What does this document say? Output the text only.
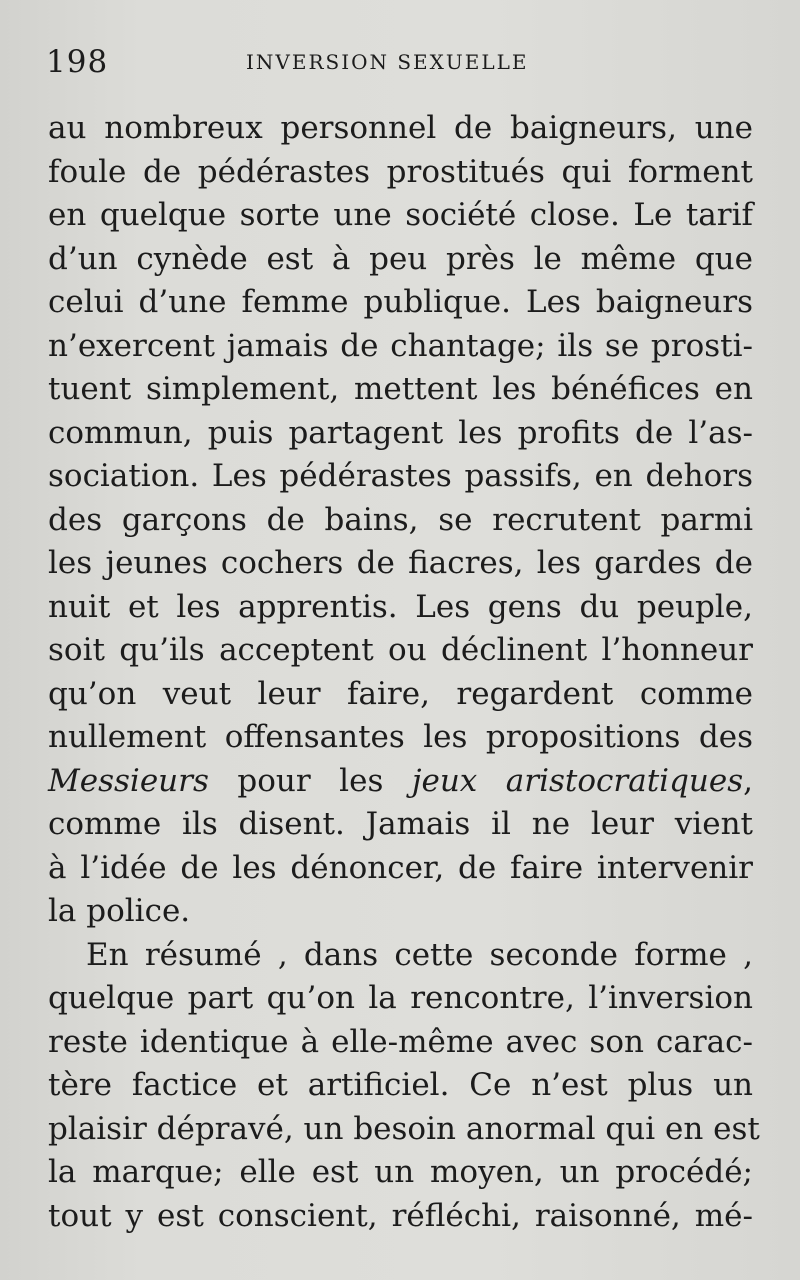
198	INVERSION SEXUELLE
au nombreux personnel de baigneurs, une
foule de pédérastes prostitués qui forment
en quelque sorte une société close. Le tarif
d’un cynède est à peu près le même que
celui d’une femme publique. Les baigneurs
n’exercent jamais de chantage; ils se prosti-
tuent simplement, mettent les bénéfices en
commun, puis partagent les profits de l’as-
sociation. Les pédérastes passifs, en dehors
des garçons de bains, se recrutent parmi
les jeunes cochers de fiacres, les gardes de
nuit et les apprentis. Les gens du peuple,
soit qu’ils acceptent ou déclinent l’honneur
qu’on veut leur faire, regardent comme
nullement offensantes les propositions des
Messieurs pour les jeux aristocratiques,
comme ils disent. Jamais il ne leur vient
à l’idée de les dénoncer, de faire intervenir
la police.
En résumé , dans cette seconde forme ,
quelque part qu’on la rencontre, l’inversion
reste identique à elle-même avec son carac-
tère factice et artificiel. Ce n’est plus un
plaisir dépravé, un besoin anormal qui en est
la marque; elle est un moyen, un procédé;
tout y est conscient, réfléchi, raisonné, mé-
